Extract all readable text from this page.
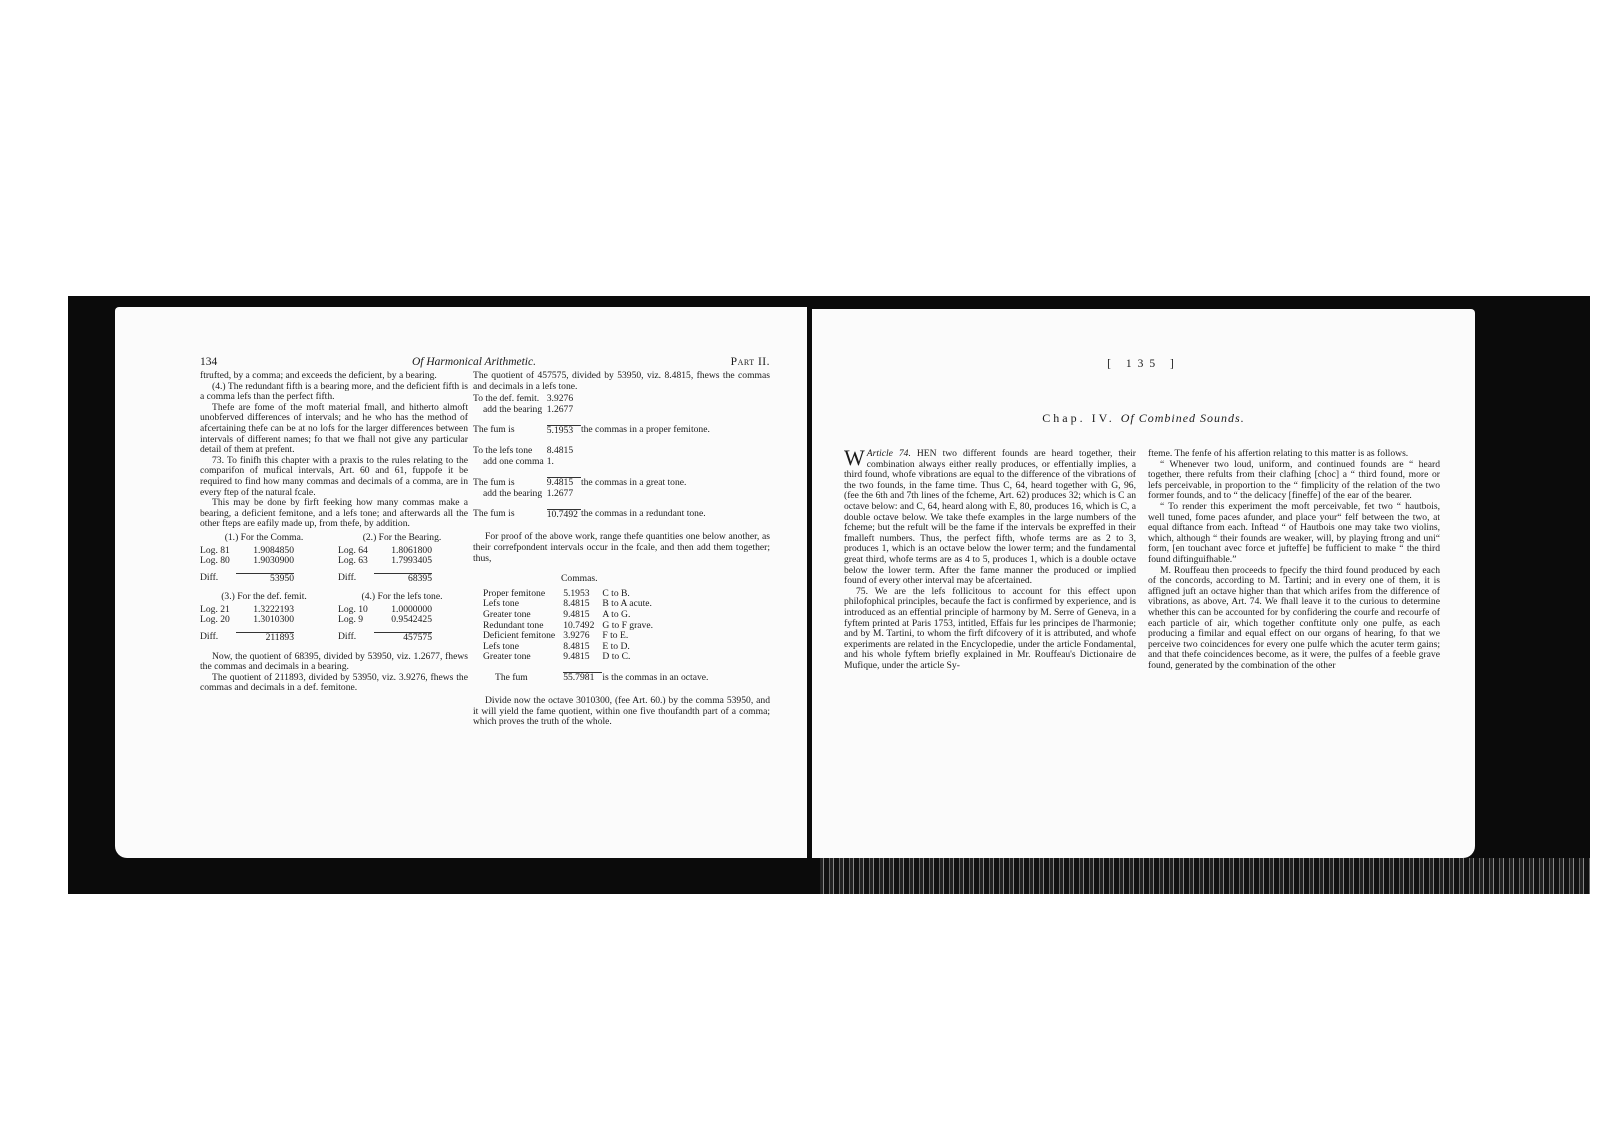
134	Of Harmonical Arithmetic.	Part II.

ftrufted, by a comma; and exceeds the deficient, by a bearing.

(4.) The redundant fifth is a bearing more, and the deficient fifth is a comma lefs than the perfect fifth.

Thefe are fome of the moft material fmall, and hitherto almoft unobferved differences of intervals; and he who has the method of afcertaining thefe can be at no lofs for the larger differences between intervals of different names; fo that we fhall not give any particular detail of them at prefent.

73. To finifh this chapter with a praxis to the rules relating to the comparifon of mufical intervals, Art. 60 and 61, fuppofe it be required to find how many commas and decimals of a comma, are in every ftep of the natural fcale.

This may be done by firft feeking how many commas make a bearing, a deficient femitone, and a lefs tone; and afterwards all the other fteps are eafily made up, from thefe, by addition.

(1.) For the Comma.
Log. 81	1.9084850
Log. 80	1.9030900
Diff.	53950
(2.) For the Bearing.
Log. 64	1.8061800
Log. 63	1.7993405
Diff.	68395
(3.) For the def. femit.
Log. 21	1.3222193
Log. 20	1.3010300
Diff.	211893
(4.) For the lefs tone.
Log. 10	1.0000000
Log. 9	0.9542425
Diff.	457575

Now, the quotient of 68395, divided by 53950, viz. 1.2677, fhews the commas and decimals in a bearing.

The quotient of 211893, divided by 53950, viz. 3.9276, fhews the commas and decimals in a def. femitone.

The quotient of 457575, divided by 53950, viz. 8.4815, fhews the commas and decimals in a lefs tone.

To the def. femit.	3.9276	
add the bearing	1.2677	

The fum is	5.1953	the commas in a proper femitone.

To the lefs tone	8.4815	
add one comma	1.	

The fum is	9.4815	the commas in a great tone.
add the bearing	1.2677	

The fum is	10.7492	the commas in a redundant tone.

For proof of the above work, range thefe quantities one below another, as their correfpondent intervals occur in the fcale, and then add them together; thus,

Commas.
Proper femitone	5.1953	C to B.
Lefs tone	8.4815	B to A acute.
Greater tone	9.4815	A to G.
Redundant tone	10.7492	G to F grave.
Deficient femitone	3.9276	F to E.
Lefs tone	8.4815	E to D.
Greater tone	9.4815	D to C.

The fum	55.7981	is the commas in an octave.

Divide now the octave 3010300, (fee Art. 60.) by the comma 53950, and it will yield the fame quotient, within one five thoufandth part of a comma; which proves the truth of the whole.

[ 135 ]
Chap. IV. Of Combined Sounds.

Article 74.
W	HEN two different founds are heard together, their combination always either really produces, or effentially implies, a third found, whofe vibrations are equal to the difference of the vibrations of the two founds, in the fame time. Thus C, 64, heard together with G, 96, (fee the 6th and 7th lines of the fcheme, Art. 62) produces 32; which is C an octave below: and C, 64, heard along with E, 80, produces 16, which is C, a double octave below. We take thefe examples in the large numbers of the fcheme; but the refult will be the fame if the intervals be expreffed in their fmalleft numbers. Thus, the perfect fifth, whofe terms are as 2 to 3, produces 1, which is an octave below the lower term; and the fundamental great third, whofe terms are as 4 to 5, produces 1, which is a double octave below the lower term. After the fame manner the produced or implied found of every other interval may be afcertained.

75. We are the lefs follicitous to account for this effect upon philofophical principles, becaufe the fact is confirmed by experience, and is introduced as an effential principle of harmony by M. Serre of Geneva, in a fyftem printed at Paris 1753, intitled, Effais fur les principes de l'harmonie; and by M. Tartini, to whom the firft difcovery of it is attributed, and whofe experiments are related in the Encyclopedie, under the article Fondamental, and his whole fyftem briefly explained in Mr. Rouffeau's Dictionaire de Mufique, under the article Sy-

fteme. The fenfe of his affertion relating to this matter is as follows.

“ Whenever two loud, uniform, and continued founds are “ heard together, there refults from their clafhing [choc] a “ third found, more or lefs perceivable, in proportion to the “ fimplicity of the relation of the two former founds, and to “ the delicacy [fineffe] of the ear of the bearer.

“ To render this experiment the moft perceivable, fet two “ hautbois, well tuned, fome paces afunder, and place your“ felf between the two, at equal diftance from each. Inftead “ of Hautbois one may take two violins, which, although “ their founds are weaker, will, by playing ftrong and uni“ form, [en touchant avec force et jufteffe] be fufficient to make “ the third found diftinguifhable.”

M. Rouffeau then proceeds to fpecify the third found produced by each of the concords, according to M. Tartini; and in every one of them, it is affigned juft an octave higher than that which arifes from the difference of vibrations, as above, Art. 74. We fhall leave it to the curious to determine whether this can be accounted for by confidering the courfe and recourfe of each particle of air, which together conftitute only one pulfe, as each producing a fimilar and equal effect on our organs of hearing, fo that we perceive two coincidences for every one pulfe which the acuter term gains; and that thefe coincidences become, as it were, the pulfes of a feeble grave found, generated by the combination of the other
